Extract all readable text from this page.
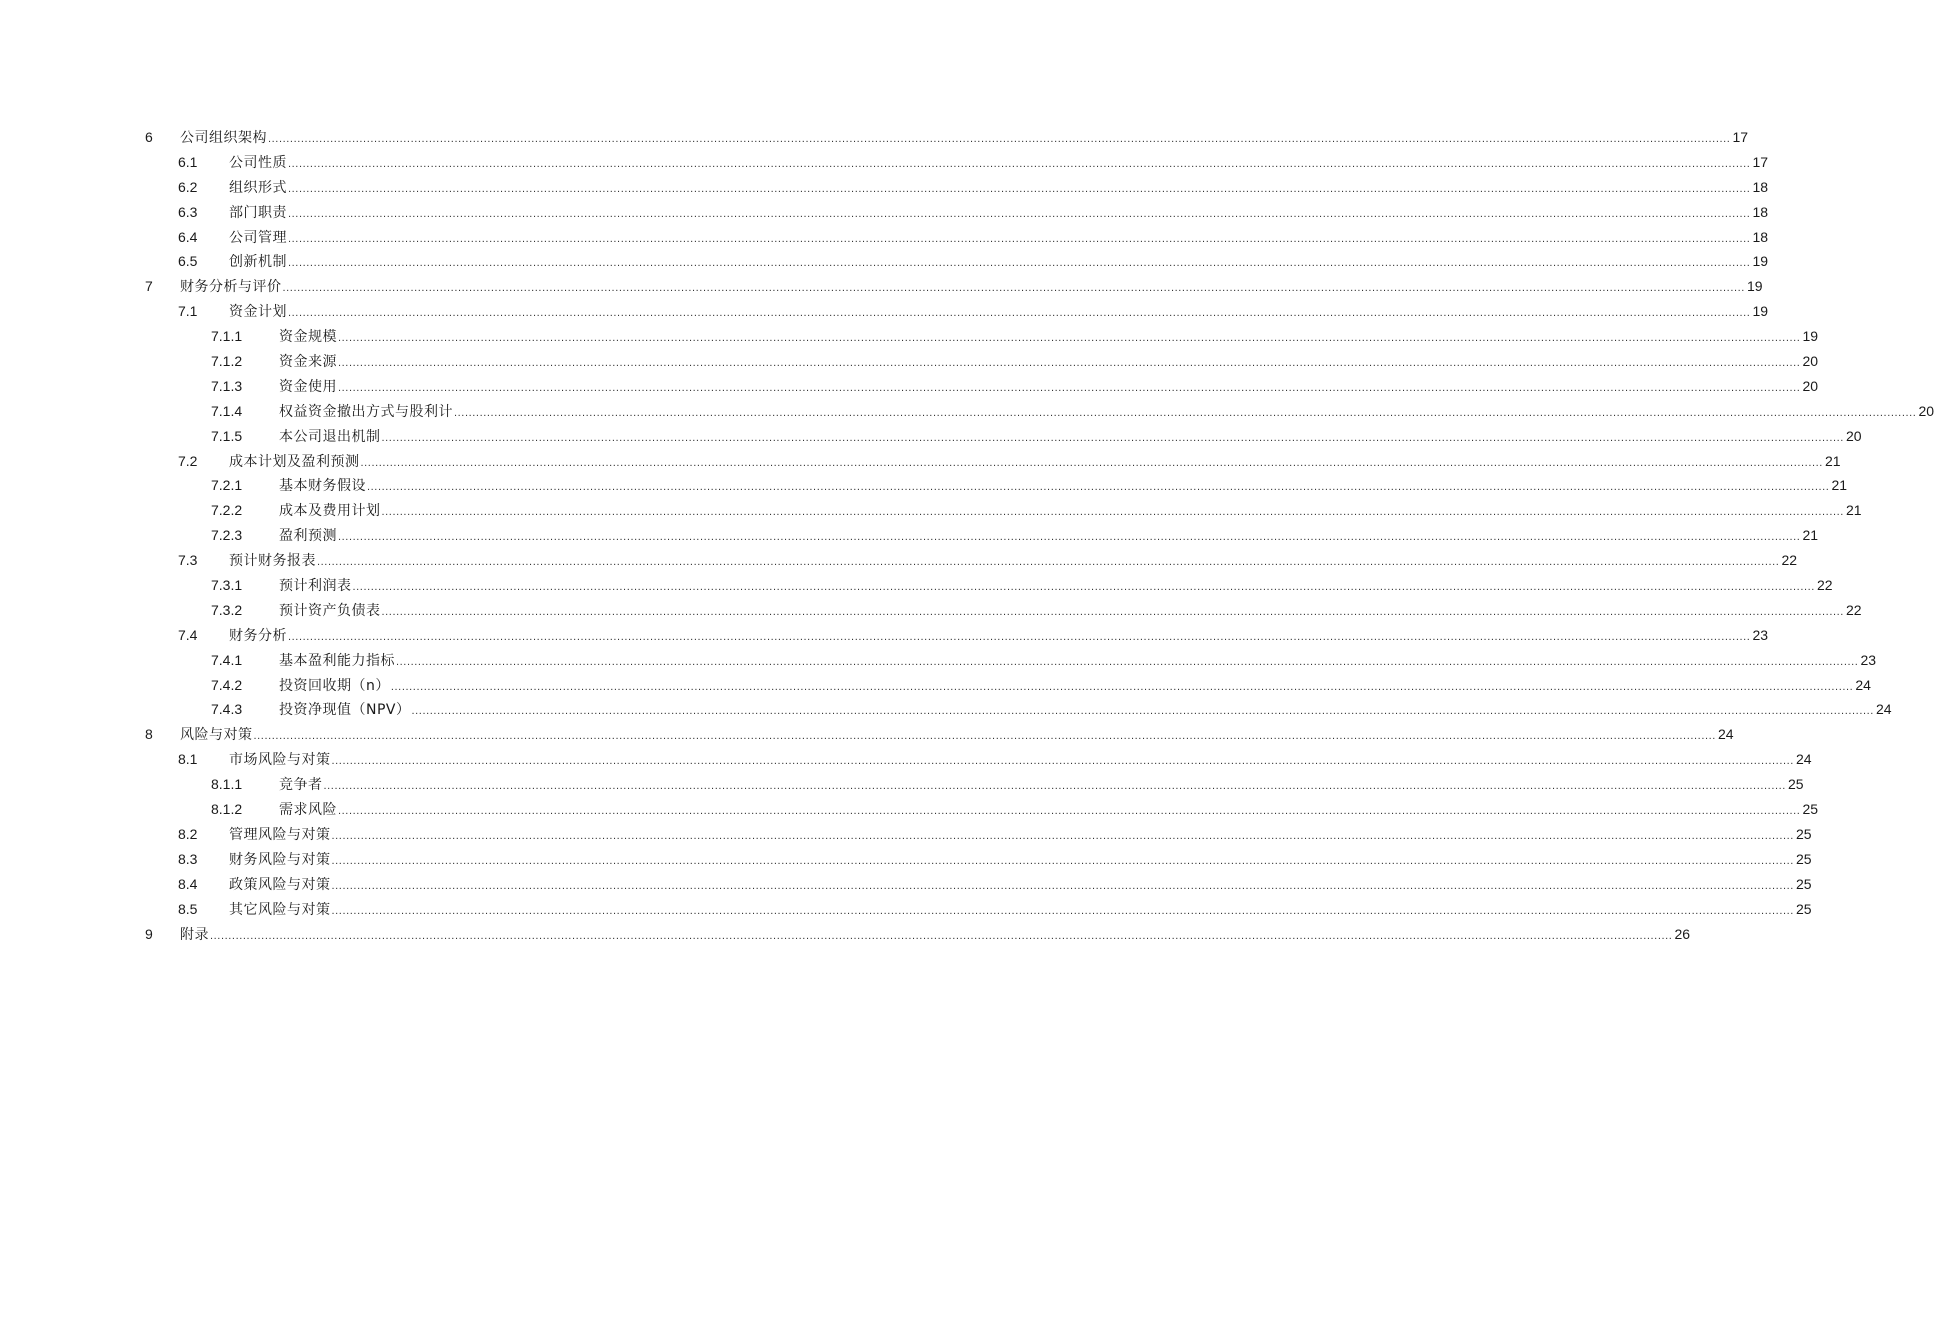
6 公司组织架构 ................................................................................................................................................................................................................................................................................................................................................................................................................ 17
6.1 公司性质 ................................................................................................................................................................................................................................................................................................................................................................................................................ 17
6.2 组织形式 ................................................................................................................................................................................................................................................................................................................................................................................................................ 18
6.3 部门职责 ................................................................................................................................................................................................................................................................................................................................................................................................................ 18
6.4 公司管理 ................................................................................................................................................................................................................................................................................................................................................................................................................ 18
6.5 创新机制 ................................................................................................................................................................................................................................................................................................................................................................................................................ 19
7 财务分析与评价 ................................................................................................................................................................................................................................................................................................................................................................................................................ 19
7.1 资金计划 ................................................................................................................................................................................................................................................................................................................................................................................................................ 19
7.1.1	资金规模 ................................................................................................................................................................................................................................................................................................................................................................................................................ 19
7.1.2	资金来源 ................................................................................................................................................................................................................................................................................................................................................................................................................ 20
7.1.3	资金使用 ................................................................................................................................................................................................................................................................................................................................................................................................................ 20
7.1.4	权益资金撤出方式与股利计 ................................................................................................................................................................................................................................................................................................................................................................................................................ 20
7.1.5	本公司退出机制 ................................................................................................................................................................................................................................................................................................................................................................................................................ 20
7.2 成本计划及盈利预测 ................................................................................................................................................................................................................................................................................................................................................................................................................ 21
7.2.1	基本财务假设 ................................................................................................................................................................................................................................................................................................................................................................................................................ 21
7.2.2	成本及费用计划 ................................................................................................................................................................................................................................................................................................................................................................................................................ 21
7.2.3	盈利预测 ................................................................................................................................................................................................................................................................................................................................................................................................................ 21
7.3 预计财务报表 ................................................................................................................................................................................................................................................................................................................................................................................................................ 22
7.3.1	预计利润表 ................................................................................................................................................................................................................................................................................................................................................................................................................ 22
7.3.2	预计资产负债表 ................................................................................................................................................................................................................................................................................................................................................................................................................ 22
7.4 财务分析 ................................................................................................................................................................................................................................................................................................................................................................................................................ 23
7.4.1	基本盈利能力指标 ................................................................................................................................................................................................................................................................................................................................................................................................................ 23
7.4.2	投资回收期（n） ................................................................................................................................................................................................................................................................................................................................................................................................................ 24
7.4.3	投资净现值（NPV） ................................................................................................................................................................................................................................................................................................................................................................................................................ 24
8 风险与对策 ................................................................................................................................................................................................................................................................................................................................................................................................................ 24
8.1 市场风险与对策 ................................................................................................................................................................................................................................................................................................................................................................................................................ 24
8.1.1	竞争者 ................................................................................................................................................................................................................................................................................................................................................................................................................ 25
8.1.2	需求风险 ................................................................................................................................................................................................................................................................................................................................................................................................................ 25
8.2 管理风险与对策 ................................................................................................................................................................................................................................................................................................................................................................................................................ 25
8.3 财务风险与对策 ................................................................................................................................................................................................................................................................................................................................................................................................................ 25
8.4 政策风险与对策 ................................................................................................................................................................................................................................................................................................................................................................................................................ 25
8.5 其它风险与对策 ................................................................................................................................................................................................................................................................................................................................................................................................................ 25
9 附录 ................................................................................................................................................................................................................................................................................................................................................................................................................ 26
